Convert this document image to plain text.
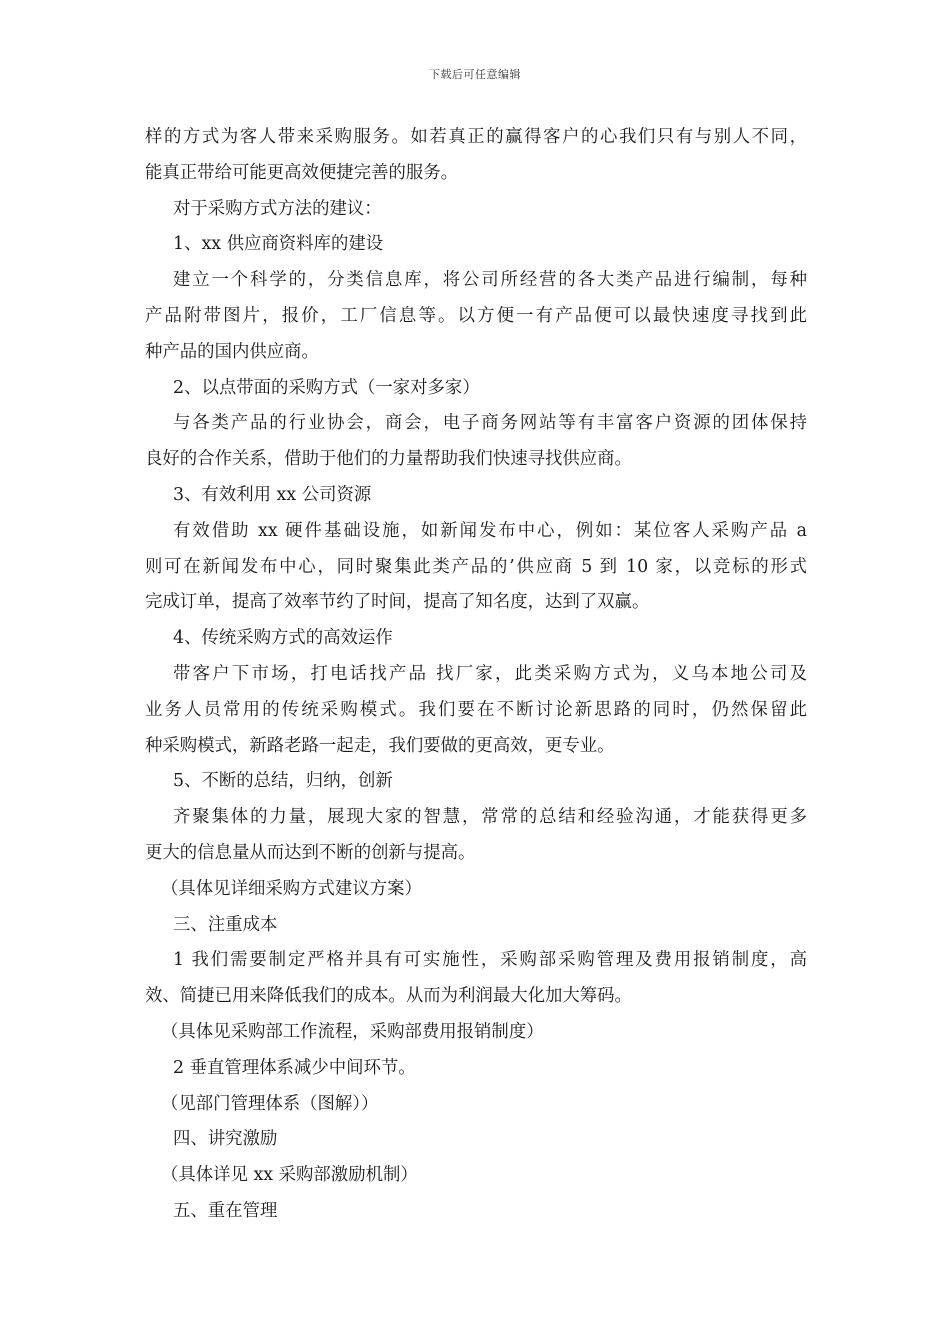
下载后可任意编辑
样的方式为客人带来采购服务。如若真正的赢得客户的心我们只有与别人不同，
能真正带给可能更高效便捷完善的服务。
对于采购方式方法的建议：
1、xx 供应商资料库的建设
建立一个科学的，分类信息库，将公司所经营的各大类产品进行编制，每种
产品附带图片，报价，工厂信息等。以方便一有产品便可以最快速度寻找到此
种产品的国内供应商。
2、以点带面的采购方式（一家对多家）
与各类产品的行业协会，商会，电子商务网站等有丰富客户资源的团体保持
良好的合作关系，借助于他们的力量帮助我们快速寻找供应商。
3、有效利用 xx 公司资源
有效借助 xx 硬件基础设施，如新闻发布中心，例如：某位客人采购产品 a
则可在新闻发布中心，同时聚集此类产品的’供应商 5 到 10 家，以竞标的形式
完成订单，提高了效率节约了时间，提高了知名度，达到了双赢。
4、传统采购方式的高效运作
带客户下市场，打电话找产品 找厂家，此类采购方式为，义乌本地公司及
业务人员常用的传统采购模式。我们要在不断讨论新思路的同时，仍然保留此
种采购模式，新路老路一起走，我们要做的更高效，更专业。
5、不断的总结，归纳，创新
齐聚集体的力量，展现大家的智慧，常常的总结和经验沟通，才能获得更多
更大的信息量从而达到不断的创新与提高。
（具体见详细采购方式建议方案）
三、注重成本
1 我们需要制定严格并具有可实施性，采购部采购管理及费用报销制度，高
效、简捷已用来降低我们的成本。从而为利润最大化加大筹码。
（具体见采购部工作流程，采购部费用报销制度）
2 垂直管理体系减少中间环节。
（见部门管理体系（图解））
四、讲究激励
（具体详见 xx 采购部激励机制）
五、重在管理
